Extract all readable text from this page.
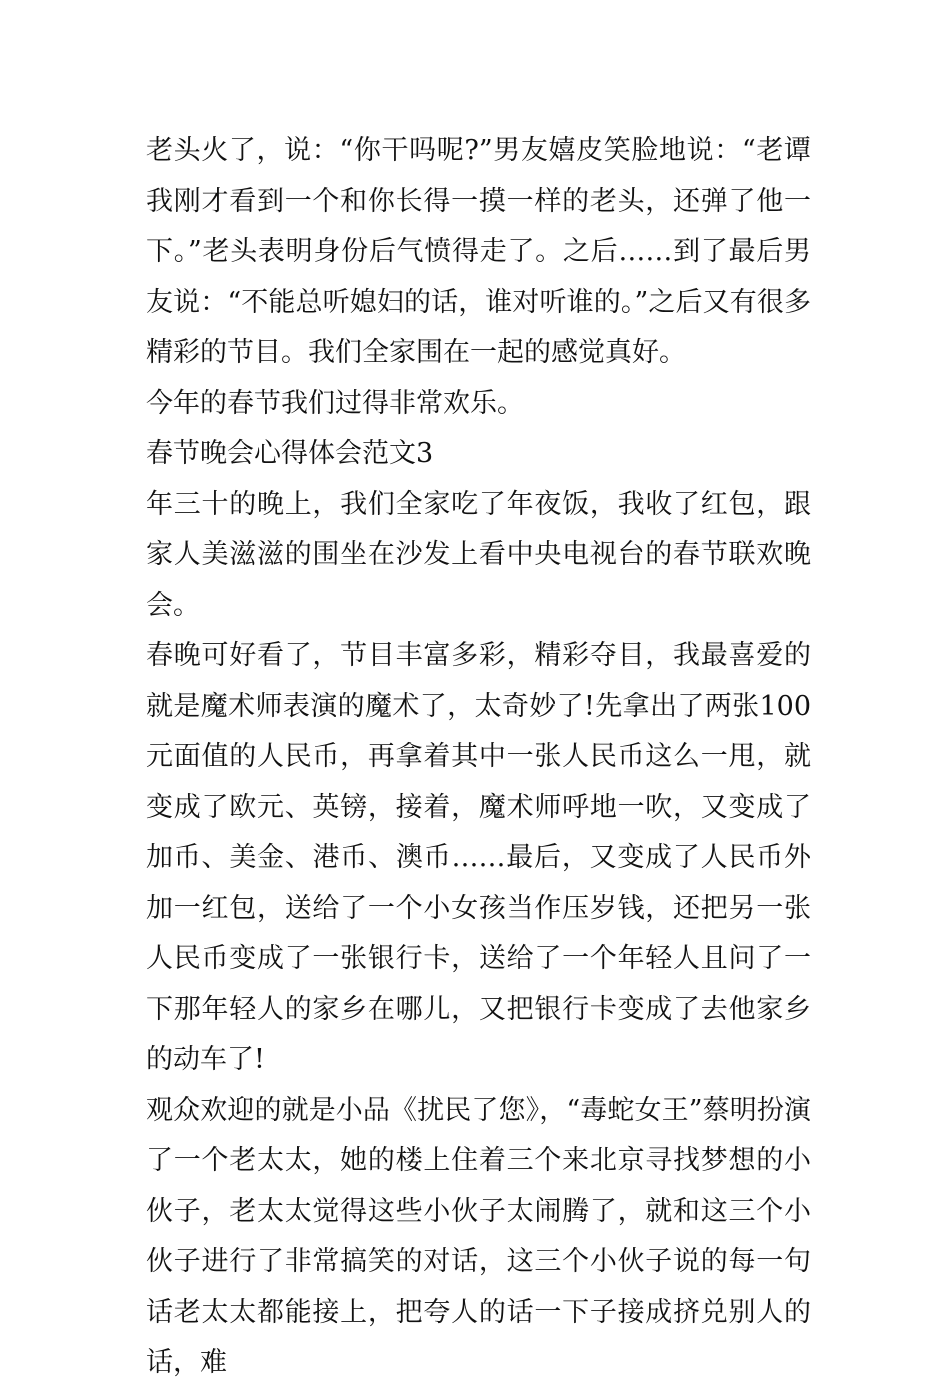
老头火了，说：“你干吗呢?”男友嬉皮笑脸地说：“老谭我刚才看到一个和你长得一摸一样的老头，还弹了他一下。”老头表明身份后气愤得走了。之后……到了最后男友说：“不能总听媳妇的话，谁对听谁的。”之后又有很多精彩的节目。我们全家围在一起的感觉真好。

今年的春节我们过得非常欢乐。

春节晚会心得体会范文3

年三十的晚上，我们全家吃了年夜饭，我收了红包，跟家人美滋滋的围坐在沙发上看中央电视台的春节联欢晚会。

春晚可好看了，节目丰富多彩，精彩夺目，我最喜爱的就是魔术师表演的魔术了，太奇妙了!先拿出了两张100元面值的人民币，再拿着其中一张人民币这么一甩，就变成了欧元、英镑，接着，魔术师呼地一吹，又变成了加币、美金、港币、澳币……最后，又变成了人民币外加一红包，送给了一个小女孩当作压岁钱，还把另一张人民币变成了一张银行卡，送给了一个年轻人且问了一下那年轻人的家乡在哪儿，又把银行卡变成了去他家乡的动车了!

观众欢迎的就是小品《扰民了您》，“毒蛇女王”蔡明扮演了一个老太太，她的楼上住着三个来北京寻找梦想的小伙子，老太太觉得这些小伙子太闹腾了，就和这三个小伙子进行了非常搞笑的对话，这三个小伙子说的每一句话老太太都能接上，把夸人的话一下子接成挤兑别人的话，难
